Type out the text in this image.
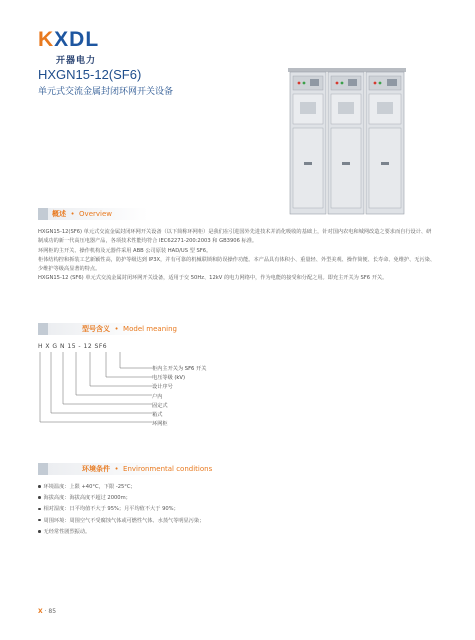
KXDL
开器电力
HXGN15-12(SF6)
单元式交流金属封闭环网开关设备
概述 • Overview

HXGN15-12(SF6) 单元式交流金属封闭环网开关设备（以下简称环网柜）是我们在引进国外先进技术并消化吸收的基础上，针对国内农电和城网改造之要求而自行设计、研制成功的新一代高压电器产品，各项技术性能均符合 IEC62271-200:2003 和 GB3906 标准。

环网柜的主开关、操作机构及元器件采用 ABB 公司原装 HAD/US 型 SF6。

柜体结构控和拆装工艺新颖性高，防护等级达到 IP3X，并有可靠的机械联锁和防误操作功能。本产品具有体积小、重量轻、外型美观、操作简便、长寿命、免维护、无污染、少维护等级高显著的特点。

HXGN15-12 (SF6) 单元式交流金属封闭环网开关设备，适用于交 50Hz、12kV 的电力网络中，作为电能的接受和分配之用。即充主开关为 SF6 开关。

型号含义 • Model meaning
H X G N 15 - 12 SF6
柜内主开关为 SF6 开关
电压等级 (kV)
设计序号
户内
固定式
箱式
环网柜
环境条件 • Environmental conditions
环境温度：上限 +40°C，下限 -25°C；
海拔高度：海拔高度不超过 2000m；
相对湿度：日平均值不大于 95%；月平均值不大于 90%；
周围环境：周围空气不受腐蚀气体或可燃性气体、水蒸气等明显污染；
无经常性剧烈振动。
X · 85
